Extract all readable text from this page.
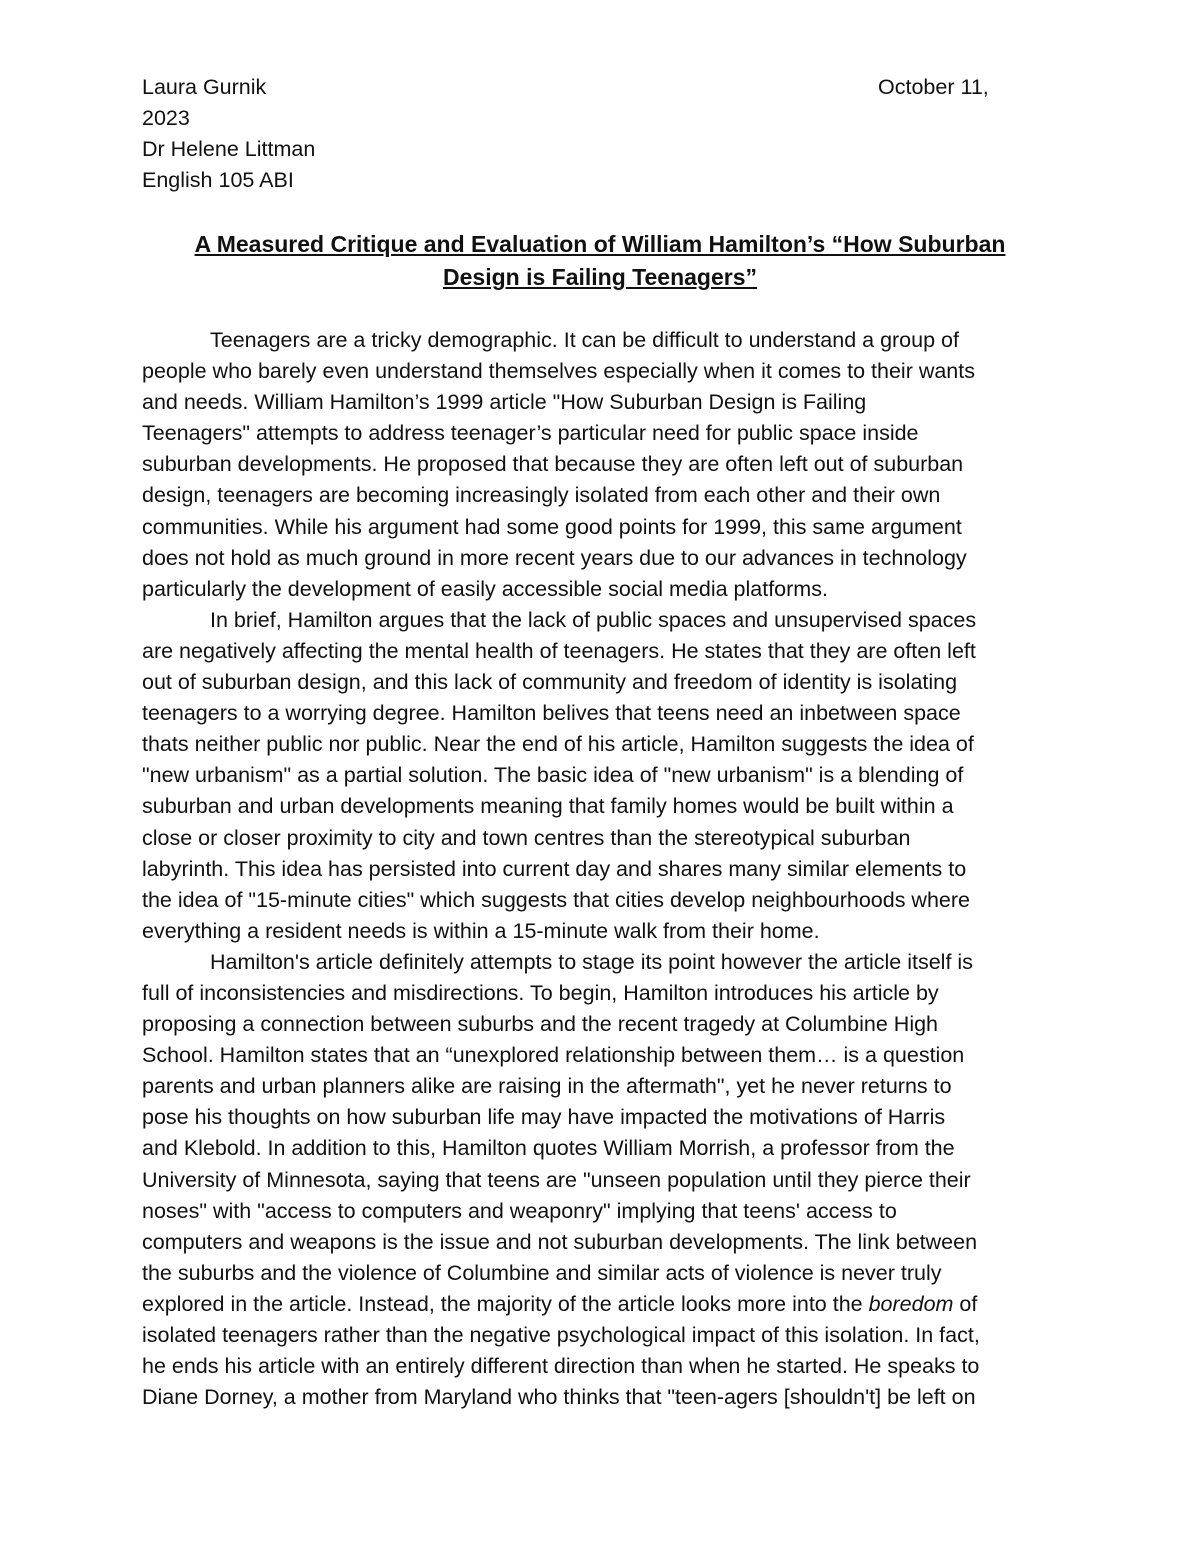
Laura Gurnik	October 11,
2023
Dr Helene Littman
English 105 ABI
A Measured Critique and Evaluation of William Hamilton’s “How Suburban
Design is Failing Teenagers”
Teenagers are a tricky demographic. It can be difficult to understand a group of
people who barely even understand themselves especially when it comes to their wants
and needs. William Hamilton’s 1999 article "How Suburban Design is Failing
Teenagers" attempts to address teenager’s particular need for public space inside
suburban developments. He proposed that because they are often left out of suburban
design, teenagers are becoming increasingly isolated from each other and their own
communities. While his argument had some good points for 1999, this same argument
does not hold as much ground in more recent years due to our advances in technology
particularly the development of easily accessible social media platforms.
In brief, Hamilton argues that the lack of public spaces and unsupervised spaces
are negatively affecting the mental health of teenagers. He states that they are often left
out of suburban design, and this lack of community and freedom of identity is isolating
teenagers to a worrying degree. Hamilton belives that teens need an inbetween space
thats neither public nor public. Near the end of his article, Hamilton suggests the idea of
"new urbanism" as a partial solution. The basic idea of "new urbanism" is a blending of
suburban and urban developments meaning that family homes would be built within a
close or closer proximity to city and town centres than the stereotypical suburban
labyrinth. This idea has persisted into current day and shares many similar elements to
the idea of "15-minute cities" which suggests that cities develop neighbourhoods where
everything a resident needs is within a 15-minute walk from their home.
Hamilton's article definitely attempts to stage its point however the article itself is
full of inconsistencies and misdirections. To begin, Hamilton introduces his article by
proposing a connection between suburbs and the recent tragedy at Columbine High
School. Hamilton states that an “unexplored relationship between them… is a question
parents and urban planners alike are raising in the aftermath", yet he never returns to
pose his thoughts on how suburban life may have impacted the motivations of Harris
and Klebold. In addition to this, Hamilton quotes William Morrish, a professor from the
University of Minnesota, saying that teens are "unseen population until they pierce their
noses" with "access to computers and weaponry" implying that teens' access to
computers and weapons is the issue and not suburban developments. The link between
the suburbs and the violence of Columbine and similar acts of violence is never truly
explored in the article. Instead, the majority of the article looks more into the boredom of
isolated teenagers rather than the negative psychological impact of this isolation. In fact,
he ends his article with an entirely different direction than when he started. He speaks to
Diane Dorney, a mother from Maryland who thinks that "teen-agers [shouldn't] be left on
